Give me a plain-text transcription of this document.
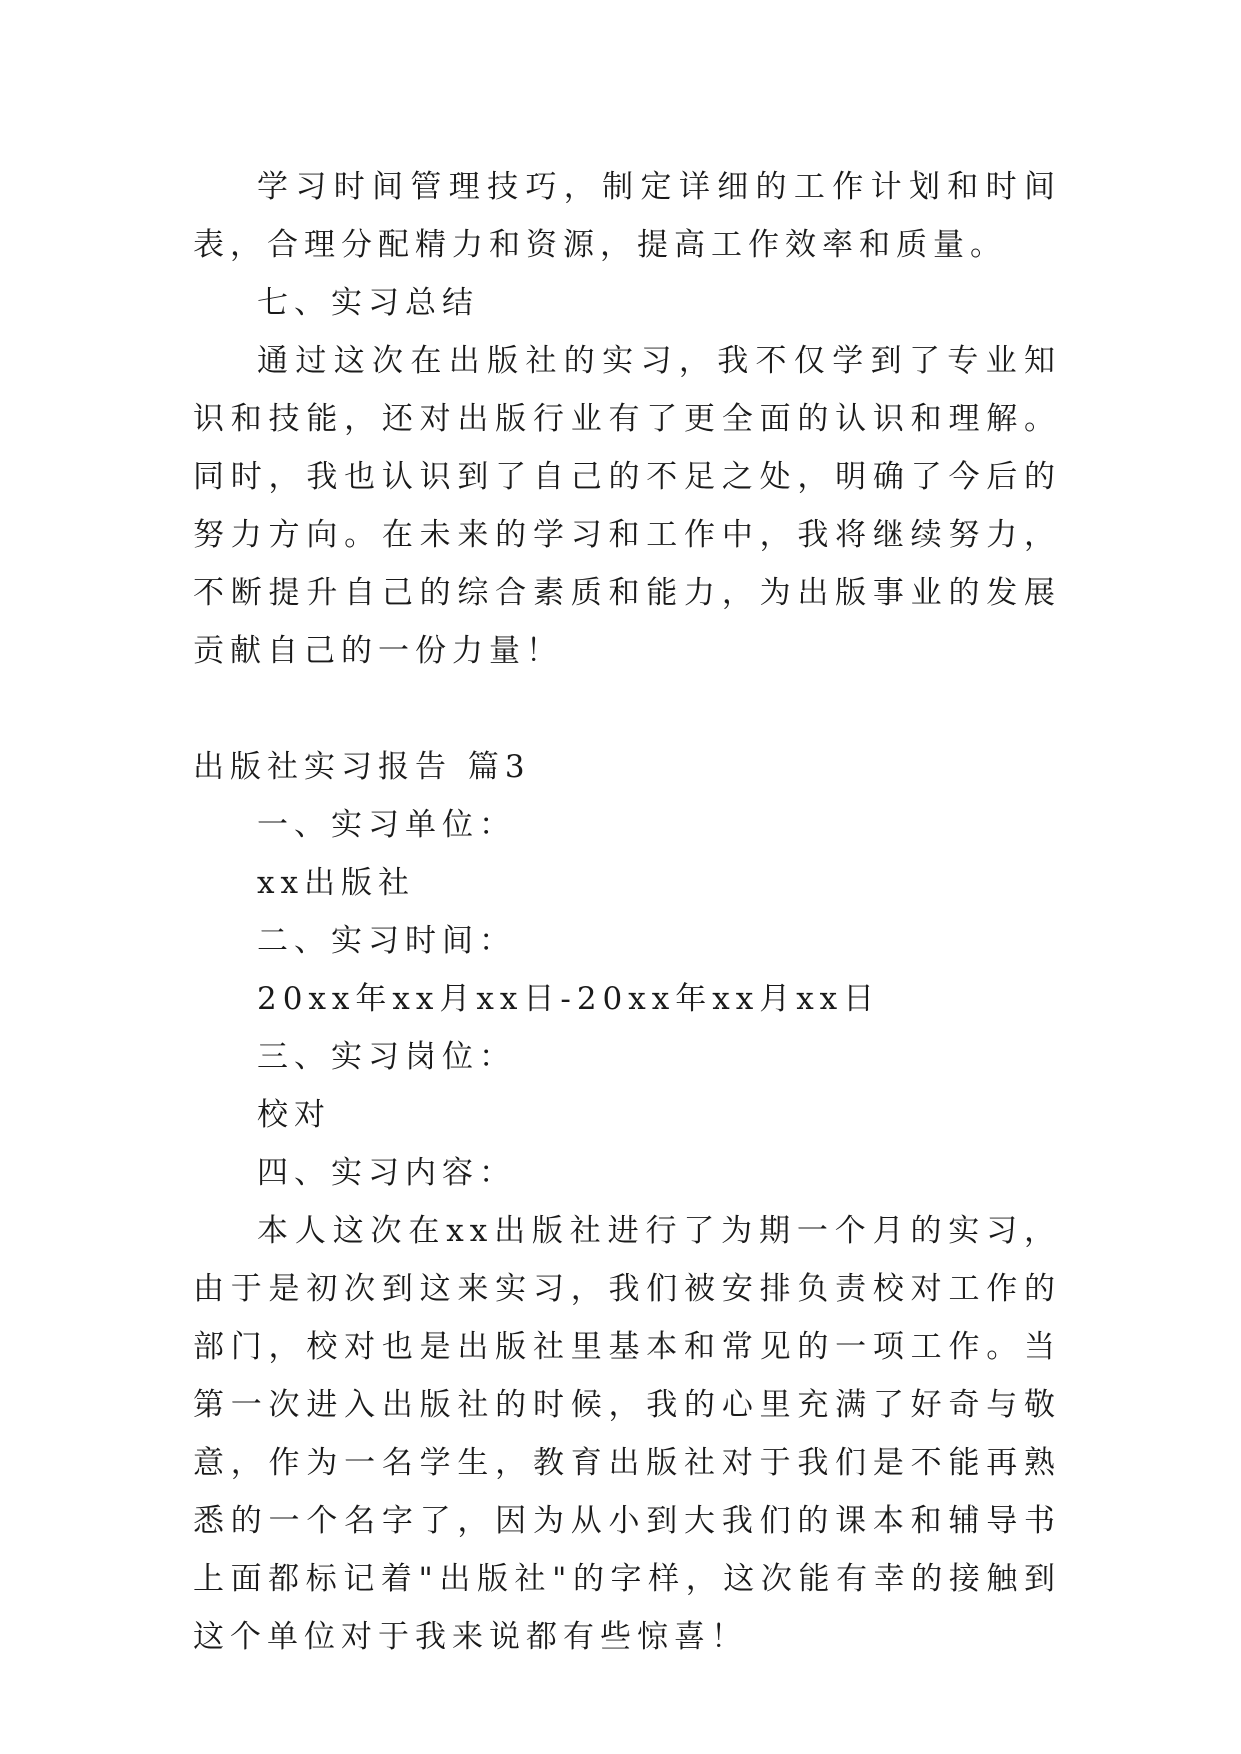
学习时间管理技巧，制定详细的工作计划和时间表，合理分配精力和资源，提高工作效率和质量。

七、实习总结

通过这次在出版社的实习，我不仅学到了专业知识和技能，还对出版行业有了更全面的认识和理解。同时，我也认识到了自己的不足之处，明确了今后的努力方向。在未来的学习和工作中，我将继续努力，不断提升自己的综合素质和能力，为出版事业的发展贡献自己的一份力量！

出版社实习报告 篇3

一、实习单位：

xx出版社

二、实习时间：

20xx年xx月xx日-20xx年xx月xx日

三、实习岗位：

校对

四、实习内容：

本人这次在xx出版社进行了为期一个月的实习，由于是初次到这来实习，我们被安排负责校对工作的部门，校对也是出版社里基本和常见的一项工作。当第一次进入出版社的时候，我的心里充满了好奇与敬意，作为一名学生，教育出版社对于我们是不能再熟悉的一个名字了，因为从小到大我们的课本和辅导书上面都标记着"出版社"的字样，这次能有幸的接触到这个单位对于我来说都有些惊喜！
